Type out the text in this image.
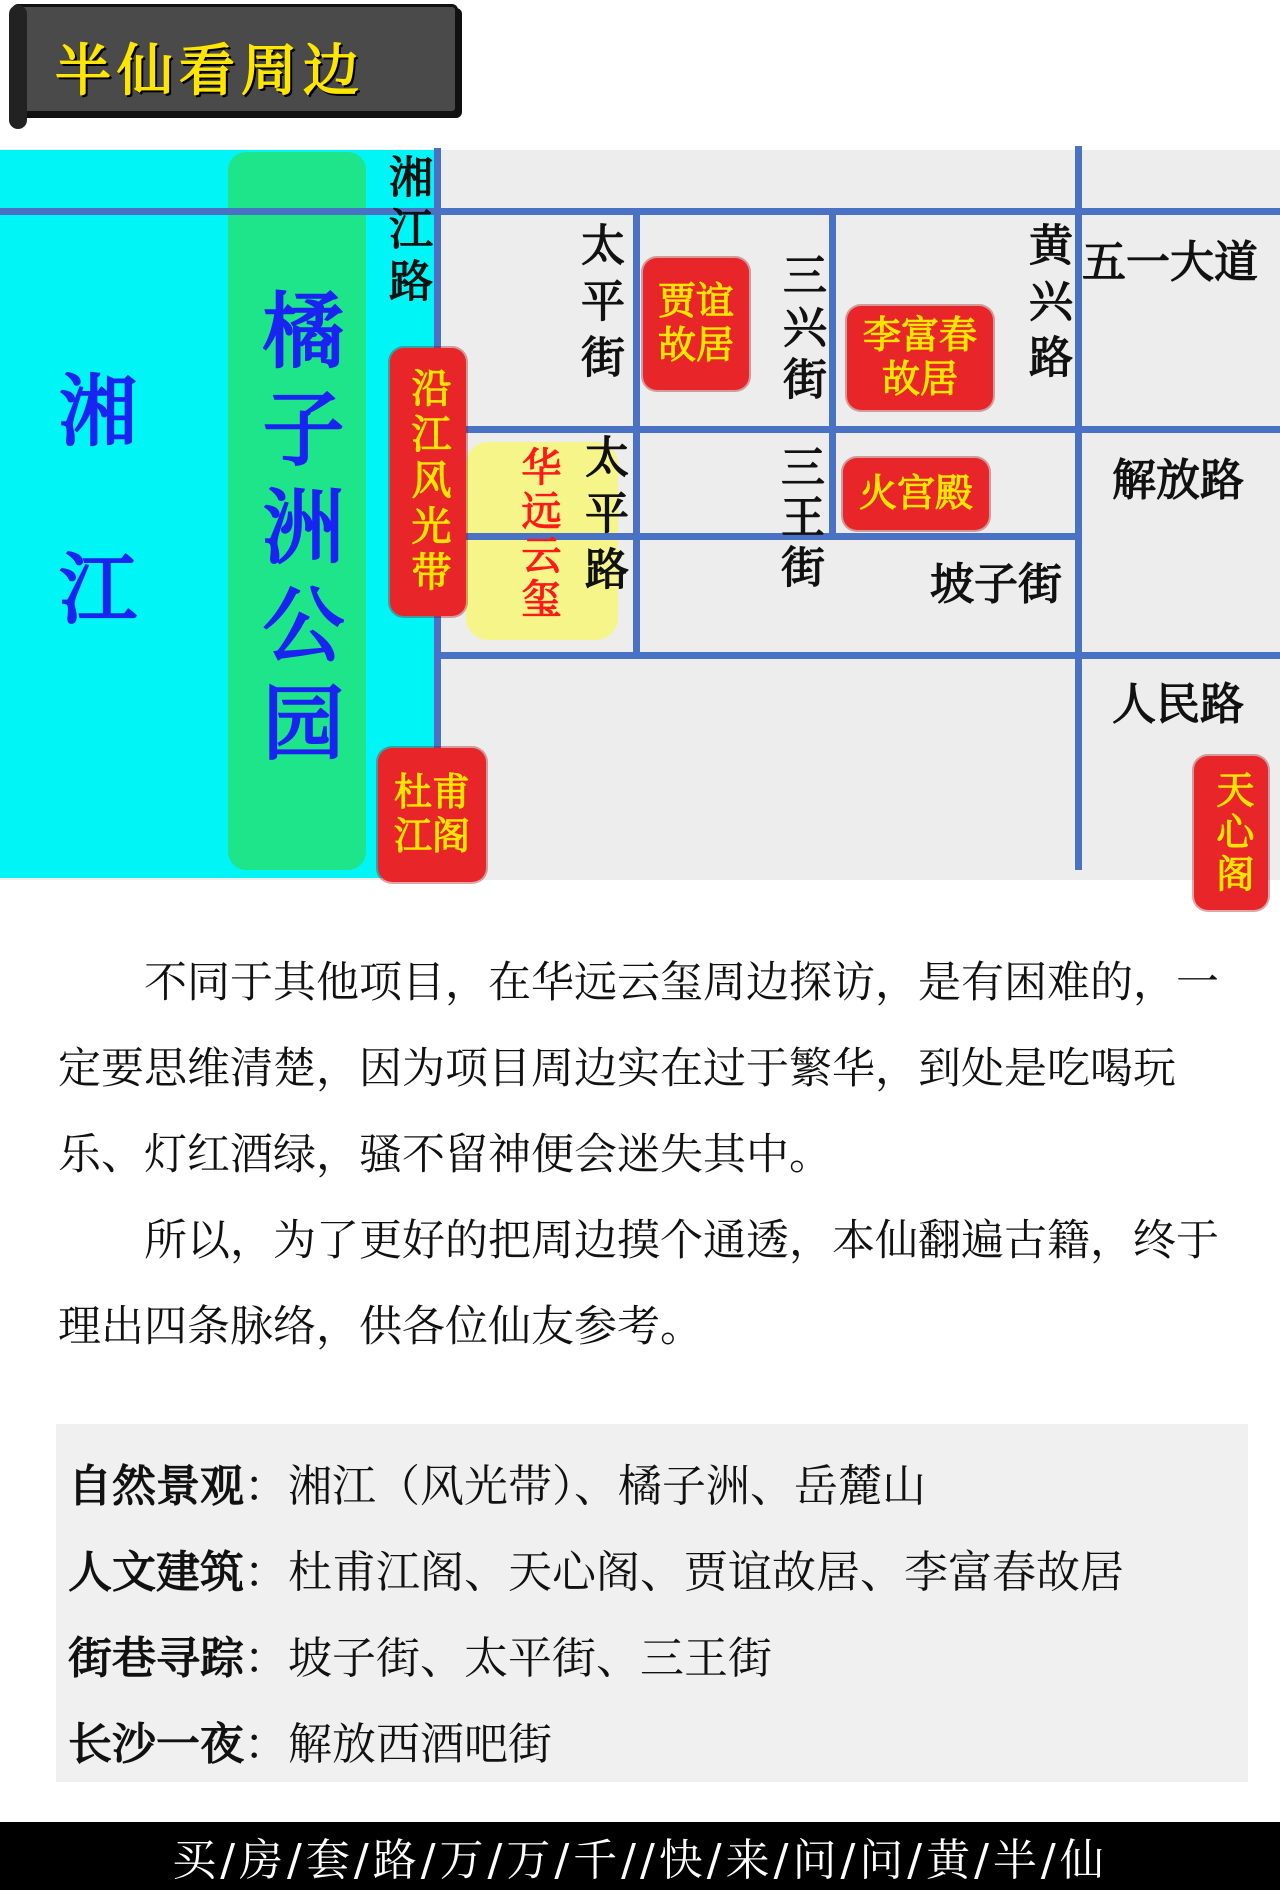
半仙看周边
湘江 橘子洲公园
湘江路	太平街	三兴街	黄兴路 五一大道
解放路
太平路	三王街 坡子街
人民路
华远云玺
贾谊故居	李富春故居
火宫殿
沿江风光带
杜甫江阁	天心阁
不同于其他项目，在华远云玺周边探访，是有困难的，一定要思维清楚，因为项目周边实在过于繁华，到处是吃喝玩乐、灯红酒绿，骚不留神便会迷失其中。
所以，为了更好的把周边摸个通透，本仙翻遍古籍，终于理出四条脉络，供各位仙友参考。
自然景观：湘江（风光带）、橘子洲、岳麓山
人文建筑：杜甫江阁、天心阁、贾谊故居、李富春故居
街巷寻踪：坡子街、太平街、三王街
长沙一夜：解放西酒吧街
买/房/套/路/万/万/千//快/来/问/问/黄/半/仙
